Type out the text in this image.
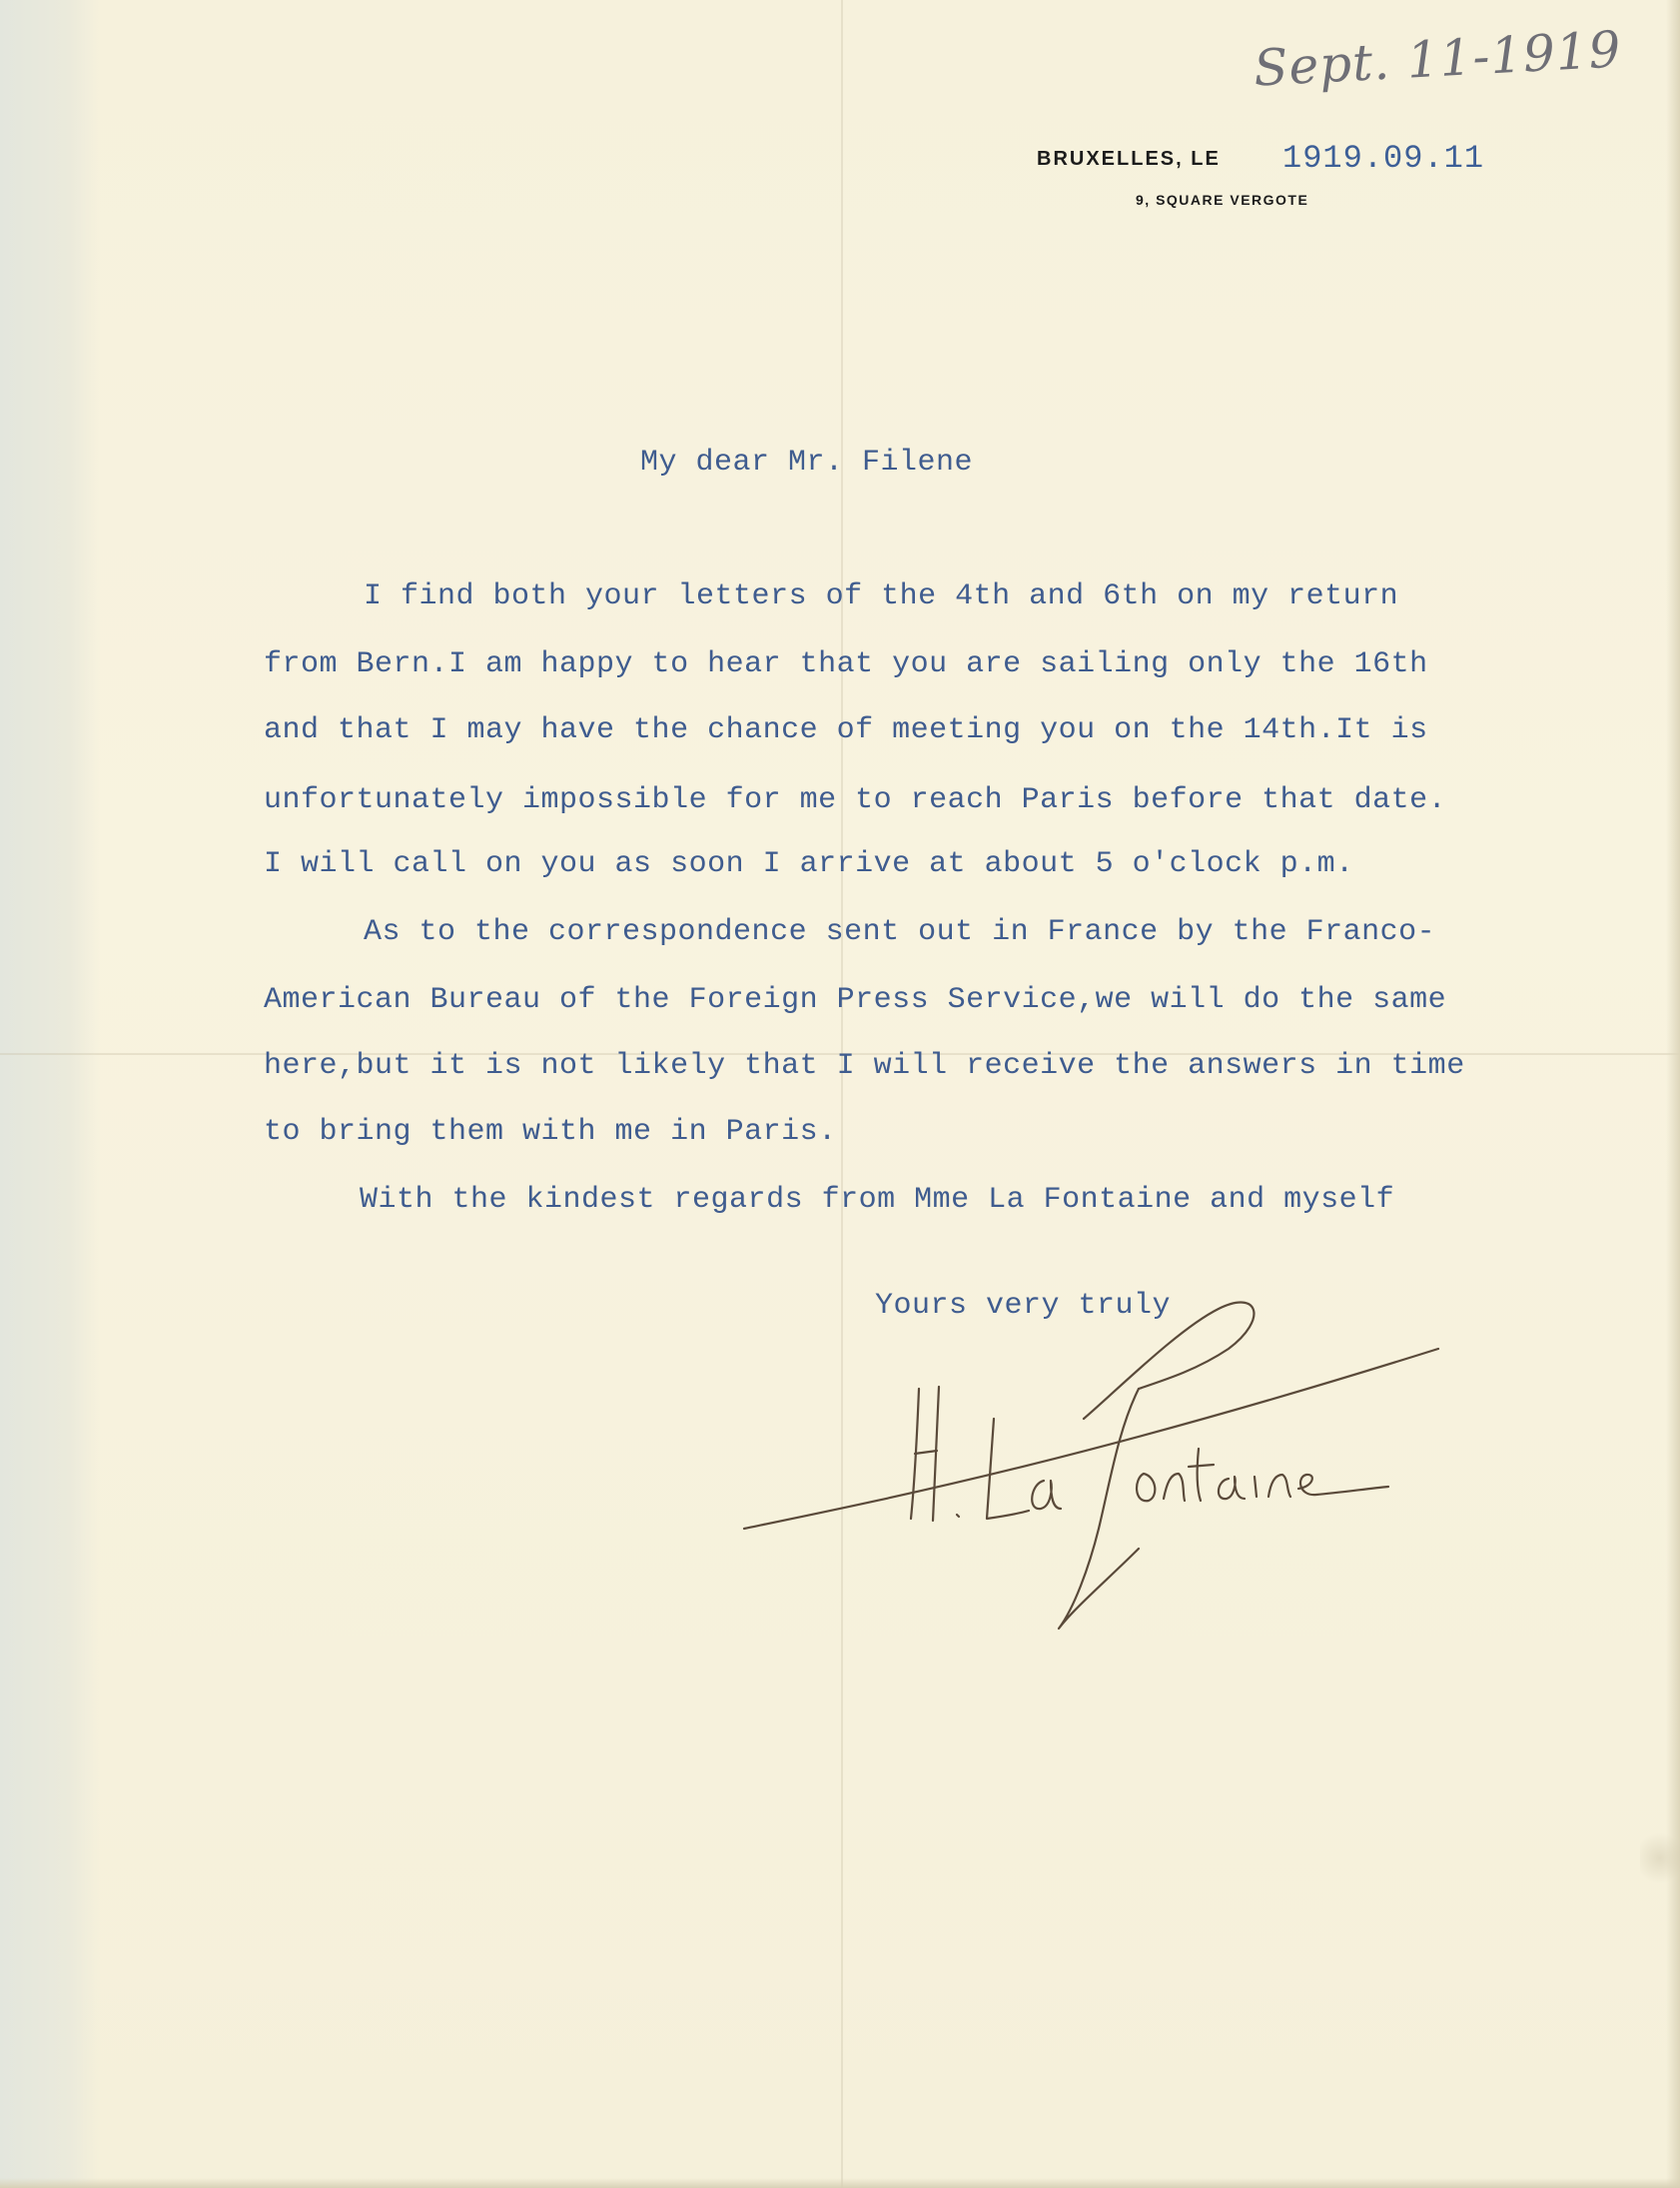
Sept. 11-1919
BRUXELLES, LE 1919.09.11
9, SQUARE VERGOTE
My dear Mr. Filene
I find both your letters of the 4th and 6th on my return
from Bern.I am happy to hear that you are sailing only the 16th
and that I may have the chance of meeting you on the 14th.It is
unfortunately impossible for me to reach Paris before that date.
I will call on you as soon I arrive at about 5 o'clock p.m.
As to the correspondence sent out in France by the Franco-
American Bureau of the Foreign Press Service,we will do the same
here,but it is not likely that I will receive the answers in time
to bring them with me in Paris.
With the kindest regards from Mme La Fontaine and myself
Yours very truly
